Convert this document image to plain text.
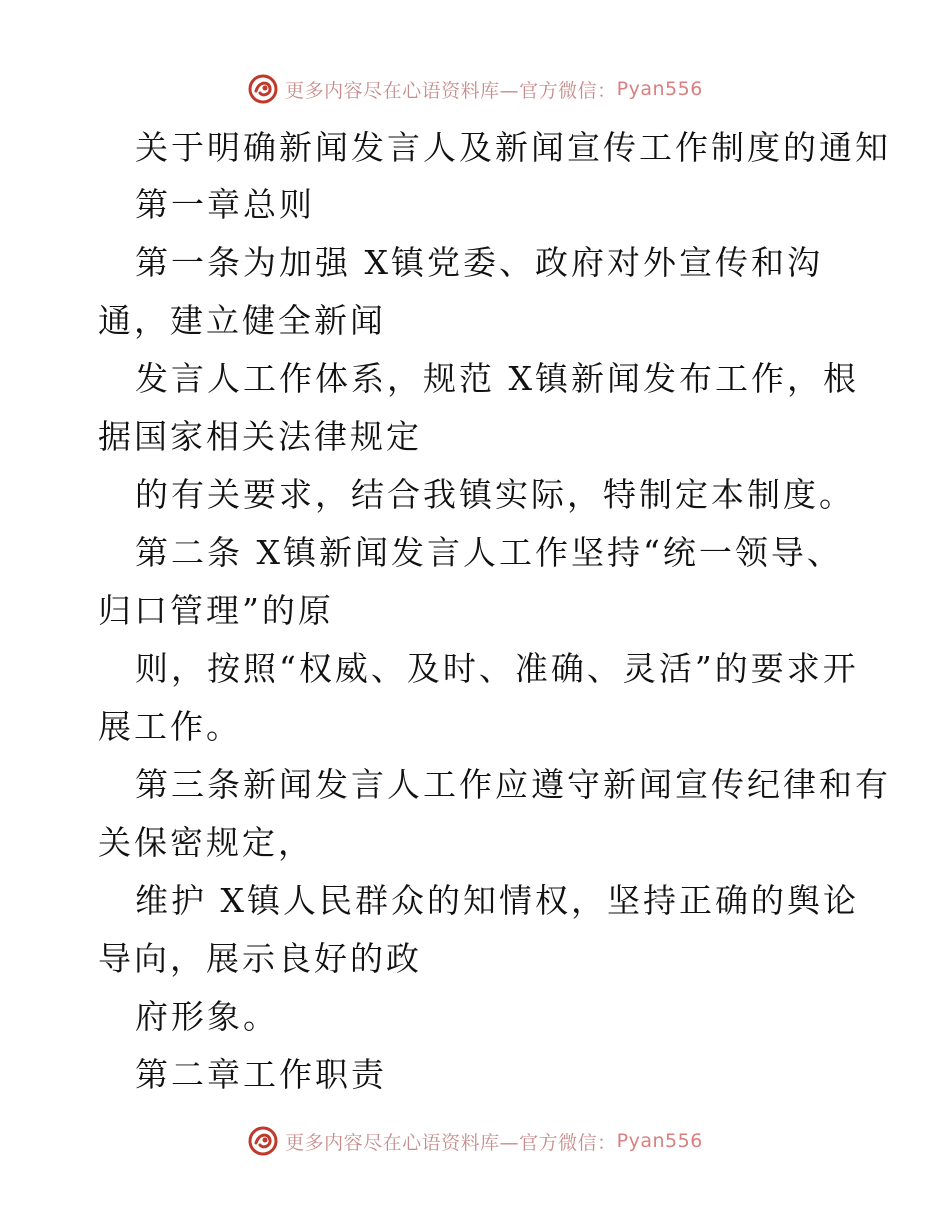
更多内容尽在心语资料库—官方微信： Pyan556
关于明确新闻发言人及新闻宣传工作制度的通知
第一章总则
第一条为加强 X镇党委、政府对外宣传和沟
通，建立健全新闻
发言人工作体系，规范 X镇新闻发布工作，根
据国家相关法律规定
的有关要求，结合我镇实际，特制定本制度。
第二条 X镇新闻发言人工作坚持“统一领导、
归口管理”的原
则，按照“权威、及时、准确、灵活”的要求开
展工作。
第三条新闻发言人工作应遵守新闻宣传纪律和有
关保密规定，
维护 X镇人民群众的知情权，坚持正确的舆论
导向，展示良好的政
府形象。
第二章工作职责
更多内容尽在心语资料库—官方微信： Pyan556
